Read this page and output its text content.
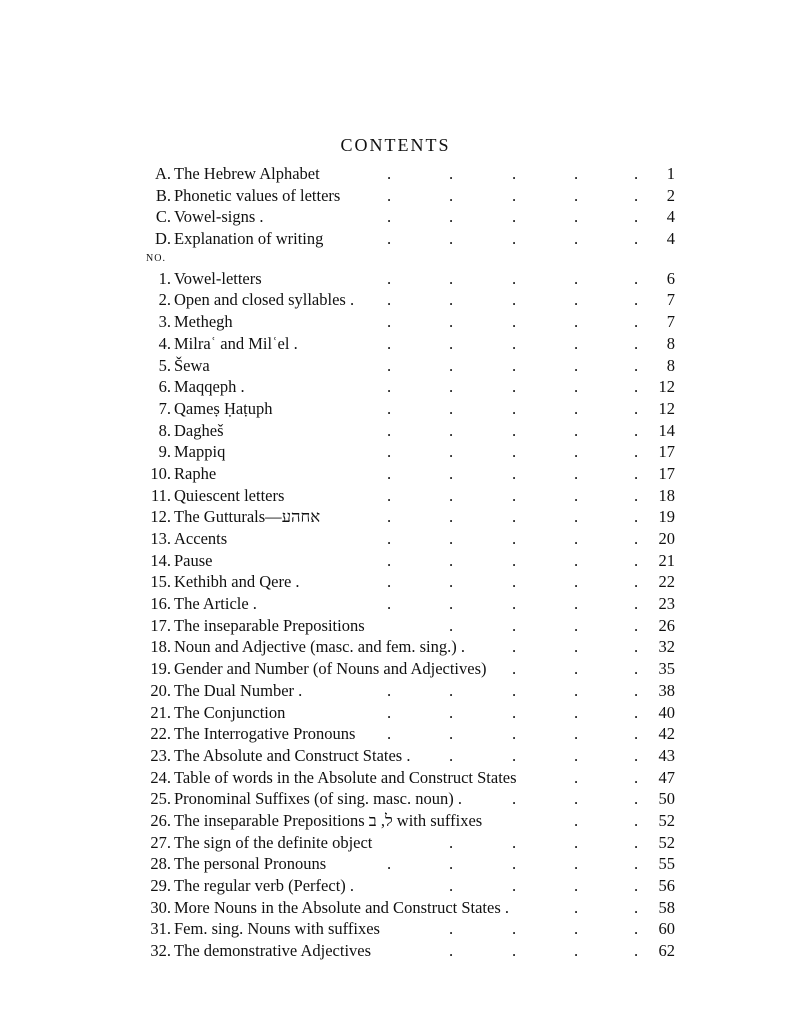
CONTENTS
A. The Hebrew Alphabet	.	.	.	.	.	1
B. Phonetic values of letters	.	.	.	.	.	2
C. Vowel-signs .	.	.	.	.	.	4
D. Explanation of writing	.	.	.	.	.	4
NO.
1. Vowel-letters	.	.	.	.	.	6
2. Open and closed syllables . .	.	.	.	.	7
3. Methegh	.	.	.	.	.	7
4. Milraʿ and Milʿel .	.	.	.	.	.	8
5. Šewa	.	.	.	.	.	8
6. Maqqeph .	.	.	.	.	.	12
7. Qameṣ Ḥaṭuph	.	.	.	.	.	12
8. Dagheš	.	.	.	.	.	14
9. Mappiq	.	.	.	.	.	17
10. Raphe	.	.	.	.	.	17
11. Quiescent letters	.	.	.	.	.	18
12. The Gutturals—אחהע	.	.	.	.	.	19
13. Accents	.	.	.	.	.	20
14. Pause	.	.	.	.	.	21
15. Kethibh and Qere .	.	.	.	.	.	22
16. The Article .	.	.	.	.	.	23
17. The inseparable Prepositions	.	.	.	.	26
18. Noun and Adjective (masc. and fem. sing.) .	.	.	.	32
19. Gender and Number (of Nouns and Adjectives) .	.	.	35
20. The Dual Number .	.	.	.	.	.	38
21. The Conjunction	.	.	.	.	.	40
22. The Interrogative Pronouns .	.	.	.	.	42
23. The Absolute and Construct States . .	.	.	.	43
24. Table of words in the Absolute and Construct States	.	.	47
25. Pronominal Suffixes (of sing. masc. noun) .	.	.	.	50
26. The inseparable Prepositions ל, ב with suffixes	.	.	52
27. The sign of the definite object	.	.	.	.	52
28. The personal Pronouns	.	.	.	.	.	55
29. The regular verb (Perfect) .	.	.	.	.	56
30. More Nouns in the Absolute and Construct States .	.	.	58
31. Fem. sing. Nouns with suffixes	.	.	.	.	60
32. The demonstrative Adjectives	.	.	.	.	62
